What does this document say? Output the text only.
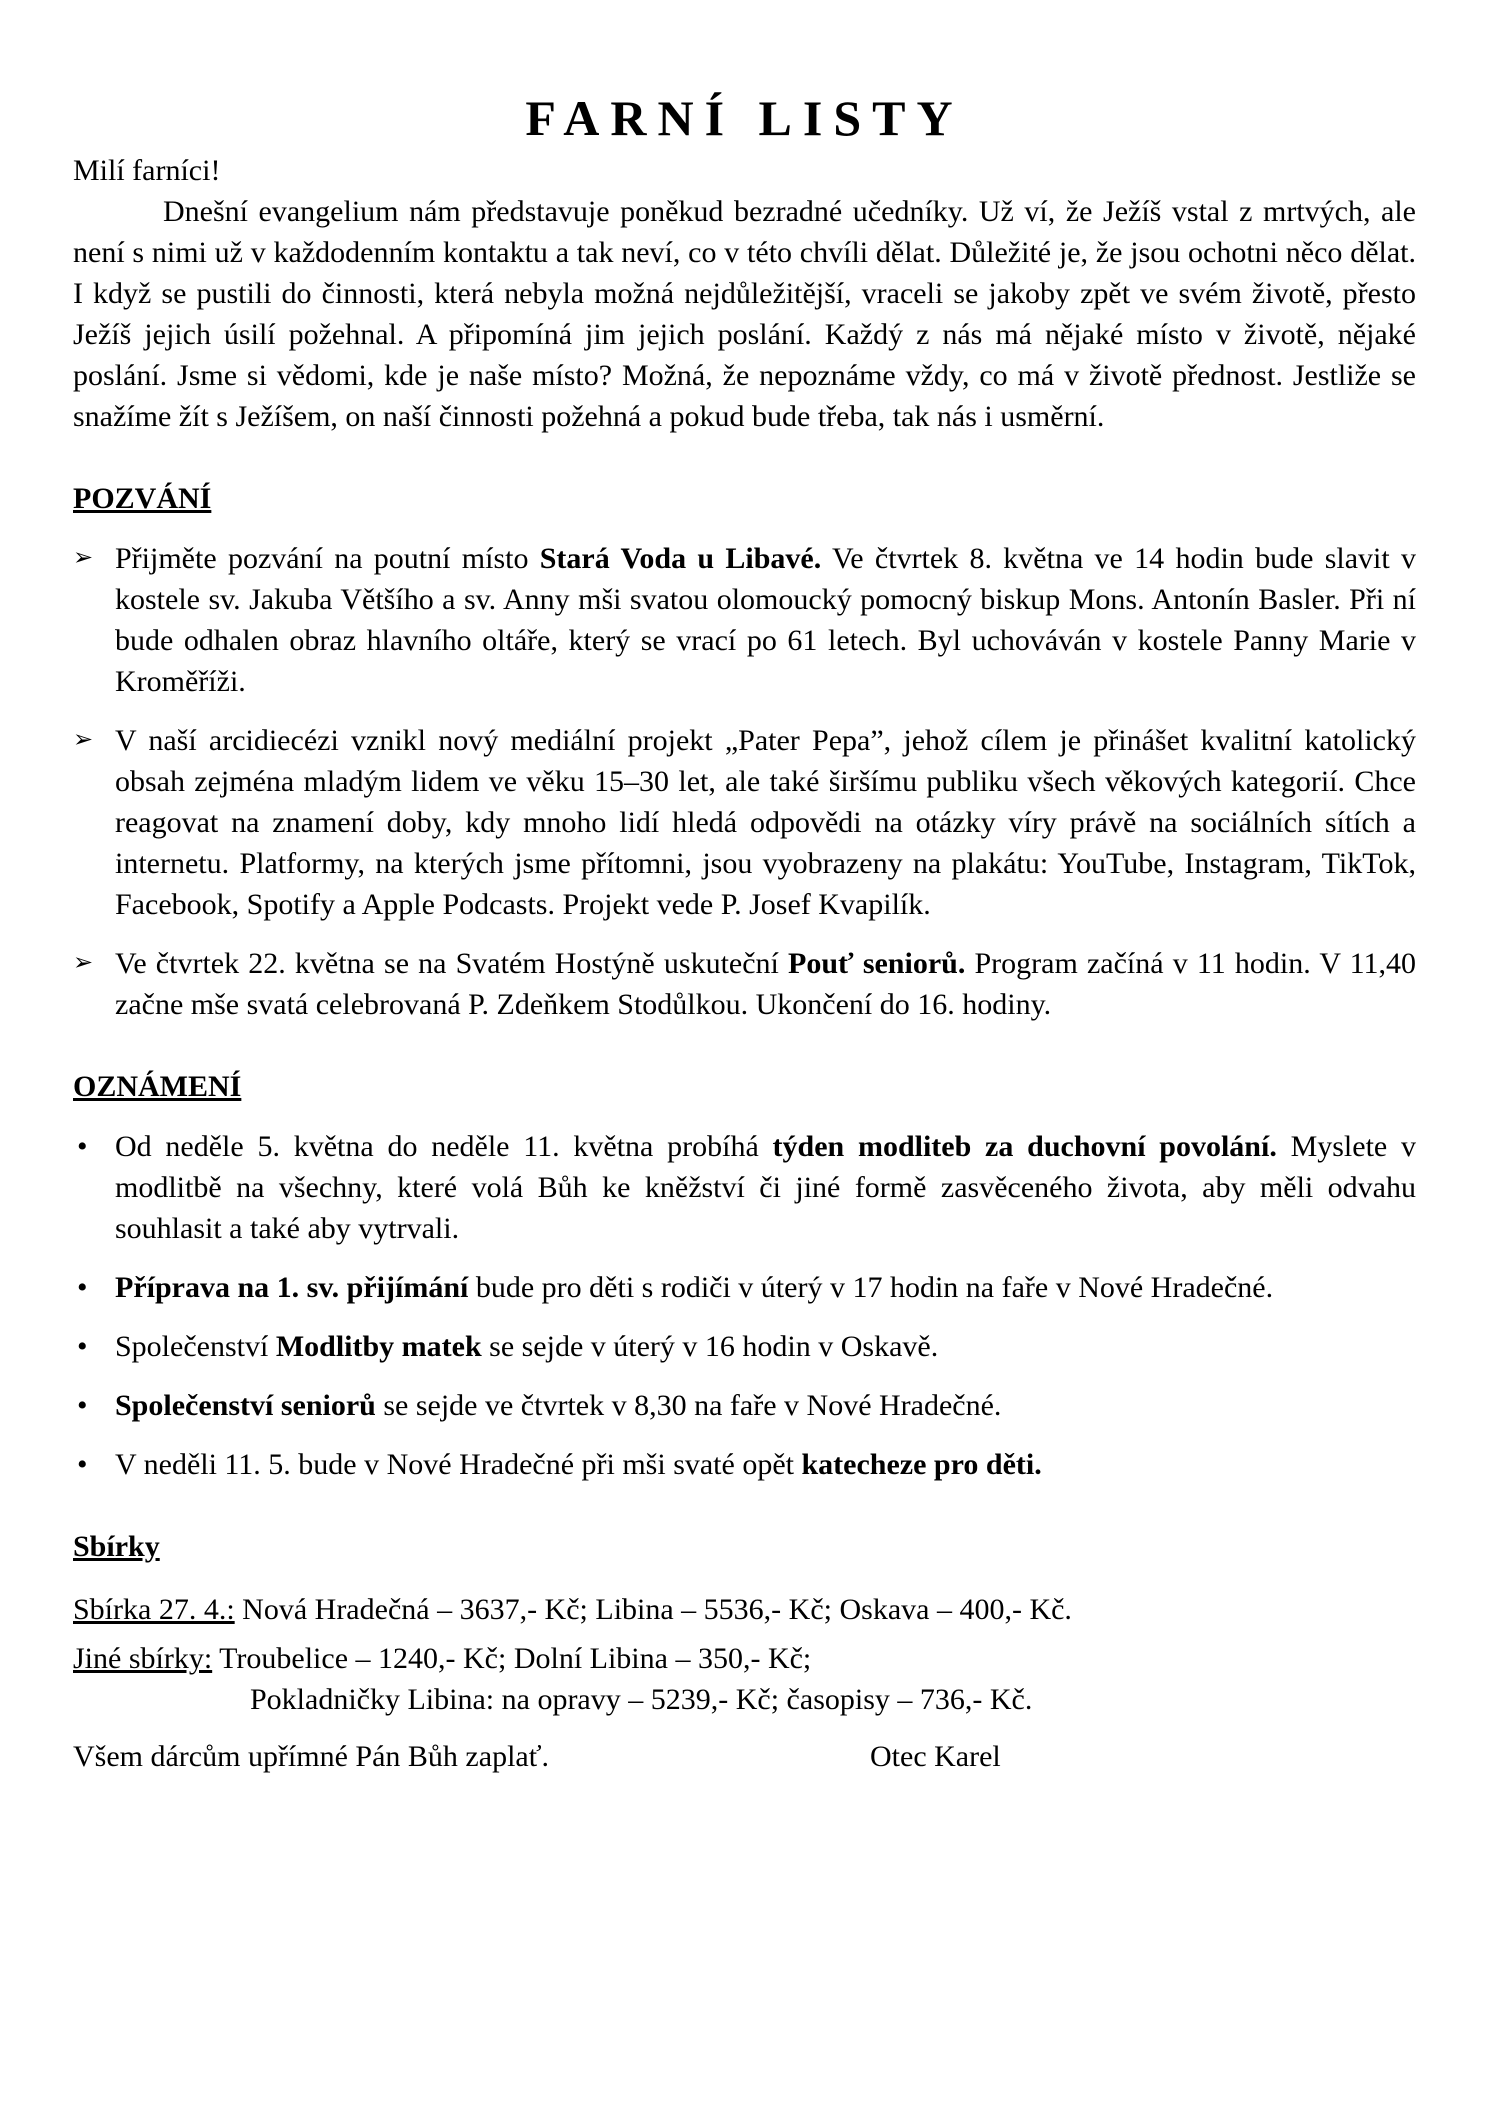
FARNÍ LISTY

Milí farníci!

Dnešní evangelium nám představuje poněkud bezradné učedníky. Už ví, že Ježíš vstal z mrtvých, ale není s nimi už v každodenním kontaktu a tak neví, co v této chvíli dělat. Důležité je, že jsou ochotni něco dělat. I když se pustili do činnosti, která nebyla možná nejdůležitější, vraceli se jakoby zpět ve svém životě, přesto Ježíš jejich úsilí požehnal. A připomíná jim jejich poslání. Každý z nás má nějaké místo v životě, nějaké poslání. Jsme si vědomi, kde je naše místo? Možná, že nepoznáme vždy, co má v životě přednost. Jestliže se snažíme žít s Ježíšem, on naší činnosti požehná a pokud bude třeba, tak nás i usměrní.

POZVÁNÍ

➢ Přijměte pozvání na poutní místo Stará Voda u Libavé. Ve čtvrtek 8. května ve 14 hodin bude slavit v kostele sv. Jakuba Většího a sv. Anny mši svatou olomoucký pomocný biskup Mons. Antonín Basler. Při ní bude odhalen obraz hlavního oltáře, který se vrací po 61 letech. Byl uchováván v kostele Panny Marie v Kroměříži.
➢ V naší arcidiecézi vznikl nový mediální projekt „Pater Pepa”, jehož cílem je přinášet kvalitní katolický obsah zejména mladým lidem ve věku 15–30 let, ale také širšímu publiku všech věkových kategorií. Chce reagovat na znamení doby, kdy mnoho lidí hledá odpovědi na otázky víry právě na sociálních sítích a internetu. Platformy, na kterých jsme přítomni, jsou vyobrazeny na plakátu: YouTube, Instagram, TikTok, Facebook, Spotify a Apple Podcasts. Projekt vede P. Josef Kvapilík.
➢ Ve čtvrtek 22. května se na Svatém Hostýně uskuteční Pouť seniorů. Program začíná v 11 hodin. V 11,40 začne mše svatá celebrovaná P. Zdeňkem Stodůlkou. Ukončení do 16. hodiny.

OZNÁMENÍ

• Od neděle 5. května do neděle 11. května probíhá týden modliteb za duchovní povolání. Myslete v modlitbě na všechny, které volá Bůh ke kněžství či jiné formě zasvěceného života, aby měli odvahu souhlasit a také aby vytrvali.
• Příprava na 1. sv. přijímání bude pro děti s rodiči v úterý v 17 hodin na faře v Nové Hradečné.
• Společenství Modlitby matek se sejde v úterý v 16 hodin v Oskavě.
• Společenství seniorů se sejde ve čtvrtek v 8,30 na faře v Nové Hradečné.
• V neděli 11. 5. bude v Nové Hradečné při mši svaté opět katecheze pro děti.

Sbírky

Sbírka 27. 4.: Nová Hradečná – 3637,- Kč; Libina – 5536,- Kč; Oskava – 400,- Kč.

Jiné sbírky: Troubelice – 1240,- Kč; Dolní Libina – 350,- Kč;

Pokladničky Libina: na opravy – 5239,- Kč; časopisy – 736,- Kč.

Všem dárcům upřímné Pán Bůh zaplať.	Otec Karel
